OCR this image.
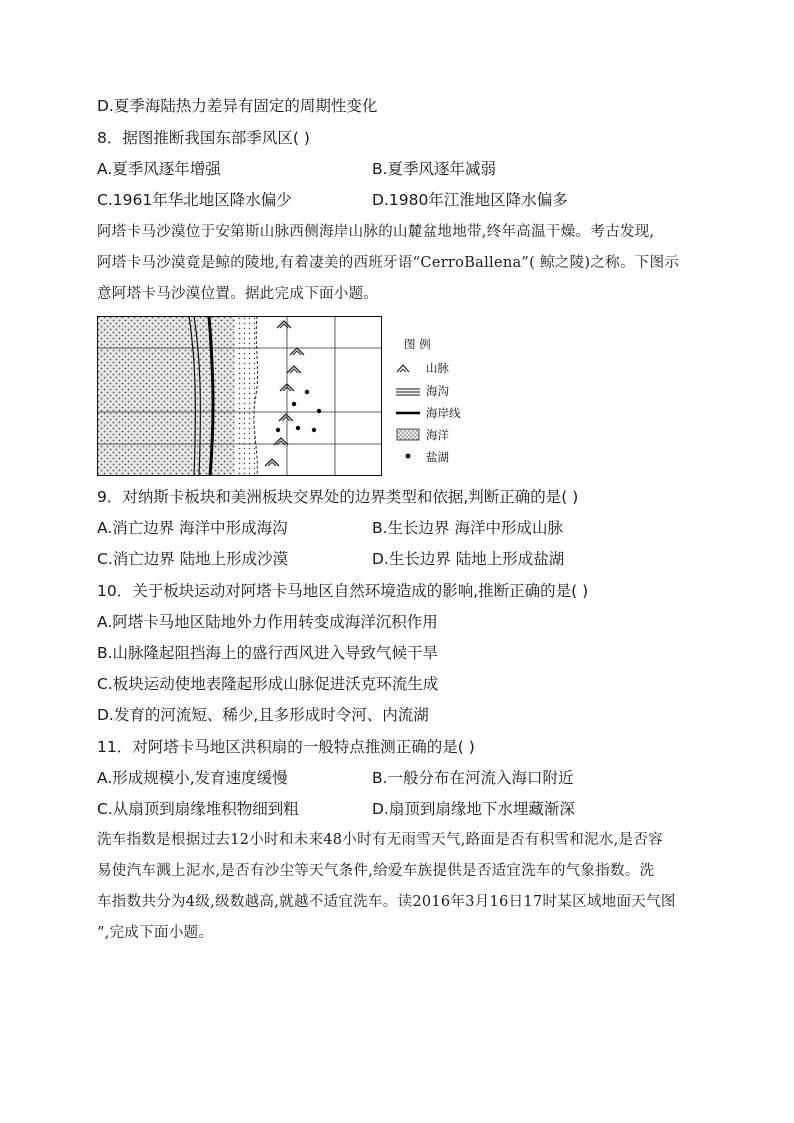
D.夏季海陆热力差异有固定的周期性变化
8．据图推断我国东部季风区( )
A.夏季风逐年增强	B.夏季风逐年减弱
C.1961年华北地区降水偏少	D.1980年江淮地区降水偏多
阿塔卡马沙漠位于安第斯山脉西侧海岸山脉的山麓盆地地带,终年高温干燥。考古发现,
阿塔卡马沙漠竟是鲸的陵地,有着凄美的西班牙语“CerroBallena”( 鲸之陵)之称。下图示
意阿塔卡马沙漠位置。据此完成下面小题。
图 例
山脉
海沟
海岸线
海洋
盐湖
9．对纳斯卡板块和美洲板块交界处的边界类型和依据,判断正确的是( )
A.消亡边界 海洋中形成海沟	B.生长边界 海洋中形成山脉
C.消亡边界 陆地上形成沙漠	D.生长边界 陆地上形成盐湖
10．关于板块运动对阿塔卡马地区自然环境造成的影响,推断正确的是( )
A.阿塔卡马地区陆地外力作用转变成海洋沉积作用
B.山脉隆起阻挡海上的盛行西风进入导致气候干旱
C.板块运动使地表隆起形成山脉促进沃克环流生成
D.发育的河流短、稀少,且多形成时令河、内流湖
11．对阿塔卡马地区洪积扇的一般特点推测正确的是( )
A.形成规模小,发育速度缓慢	B.一般分布在河流入海口附近
C.从扇顶到扇缘堆积物细到粗	D.扇顶到扇缘地下水埋藏渐深
洗车指数是根据过去12小时和未来48小时有无雨雪天气,路面是否有积雪和泥水,是否容
易使汽车溅上泥水,是否有沙尘等天气条件,给爱车族提供是否适宜洗车的气象指数。洗
车指数共分为4级,级数越高,就越不适宜洗车。读2016年3月16日17时某区域地面天气图
”,完成下面小题。
